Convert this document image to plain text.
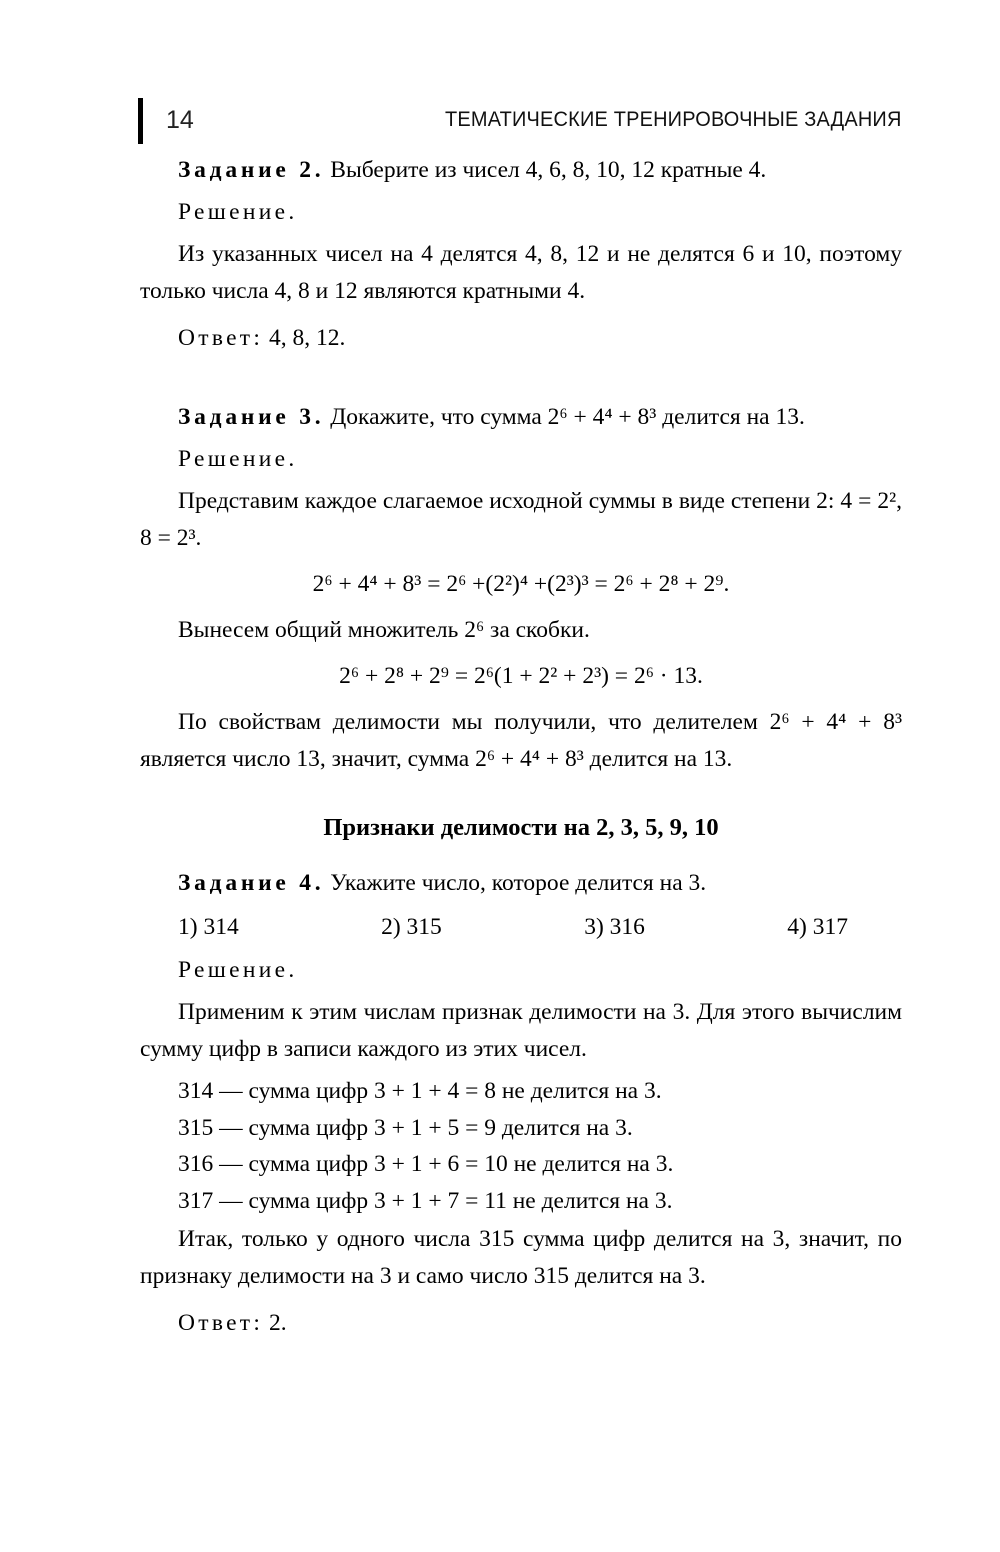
14	ТЕМАТИЧЕСКИЕ ТРЕНИРОВОЧНЫЕ ЗАДАНИЯ

Задание 2. Выберите из чисел 4, 6, 8, 10, 12 кратные 4.

Решение.

Из указанных чисел на 4 делятся 4, 8, 12 и не делятся 6 и 10, поэтому только числа 4, 8 и 12 являются кратными 4.

Ответ: 4, 8, 12.

Задание 3. Докажите, что сумма 2⁶ + 4⁴ + 8³ делится на 13.

Решение.

Представим каждое слагаемое исходной суммы в виде степени 2: 4 = 2², 8 = 2³.

2⁶ + 4⁴ + 8³ = 2⁶ +(2²)⁴ +(2³)³ = 2⁶ + 2⁸ + 2⁹.

Вынесем общий множитель 2⁶ за скобки.

2⁶ + 2⁸ + 2⁹ = 2⁶(1 + 2² + 2³) = 2⁶ · 13.

По свойствам делимости мы получили, что делителем 2⁶ + 4⁴ + 8³ является число 13, значит, сумма 2⁶ + 4⁴ + 8³ делится на 13.

Признаки делимости на 2, 3, 5, 9, 10

Задание 4. Укажите число, которое делится на 3.

1) 314	2) 315	3) 316	4) 317

Решение.

Применим к этим числам признак делимости на 3. Для этого вычислим сумму цифр в записи каждого из этих чисел.

314 — сумма цифр 3 + 1 + 4 = 8 не делится на 3.

315 — сумма цифр 3 + 1 + 5 = 9 делится на 3.

316 — сумма цифр 3 + 1 + 6 = 10 не делится на 3.

317 — сумма цифр 3 + 1 + 7 = 11 не делится на 3.

Итак, только у одного числа 315 сумма цифр делится на 3, значит, по признаку делимости на 3 и само число 315 делится на 3.

Ответ: 2.
